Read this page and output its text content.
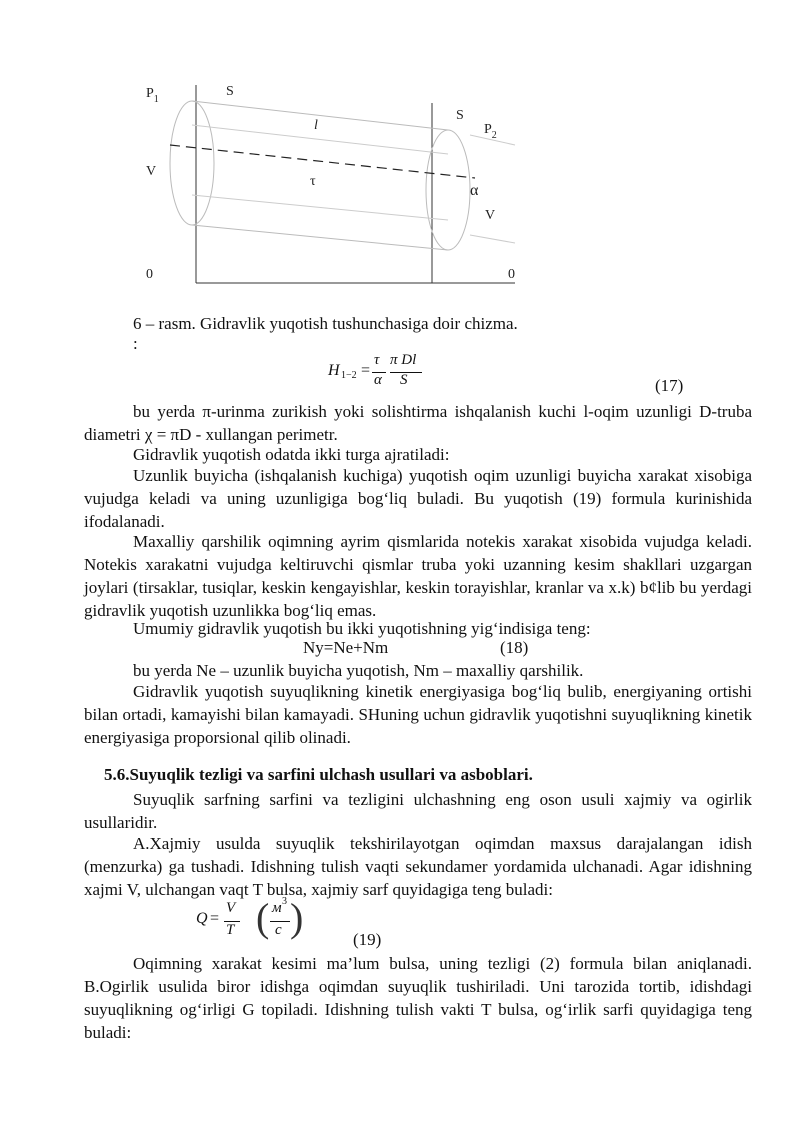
$P_1$
S
l
S
$P_2$
V
τ
α
V
0	0
6 – rasm. Gidravlik yuqotish tushunchasiga doir chizma.
:
H 1−2 =
τ
α
π Dl
S	(17)
bu yerda π-urinma zurikish yoki solishtirma ishqalanish kuchi l-oqim uzunligi D-truba diametri χ = πD - xullangan perimetr.
Gidravlik yuqotish odatda ikki turga ajratiladi:
Uzunlik buyicha (ishqalanish kuchiga) yuqotish oqim uzunligi buyicha xarakat xisobiga vujudga keladi va uning uzunligiga bog‘liq buladi. Bu yuqotish (19) formula kurinishida ifodalanadi.
Maxalliy qarshilik oqimning ayrim qismlarida notekis xarakat xisobida vujudga keladi. Notekis xarakatni vujudga keltiruvchi qismlar truba yoki uzanning kesim shakllari uzgargan joylari (tirsaklar, tusiqlar, keskin kengayishlar, keskin torayishlar, kranlar va x.k) b¢lib bu yerdagi gidravlik yuqotish uzunlikka bog‘liq emas.
Umumiy gidravlik yuqotish bu ikki yuqotishning yig‘indisiga teng:
Ny=Ne+Nm	(18)
bu yerda Ne – uzunlik buyicha yuqotish, Nm – maxalliy qarshilik.
Gidravlik yuqotish suyuqlikning kinetik energiyasiga bog‘liq bulib, energiyaning ortishi bilan ortadi, kamayishi bilan kamayadi. SHuning uchun gidravlik yuqotishni suyuqlikning kinetik energiyasiga proporsional qilib olinadi.
5.6.Suyuqlik tezligi va sarfini ulchash usullari va asboblari.
Suyuqlik sarfning sarfini va tezligini ulchashning eng oson usuli xajmiy va ogirlik usullaridir.
A.Xajmiy usulda suyuqlik tekshirilayotgan oqimdan maxsus darajalangan idish (menzurka) ga tushadi. Idishning tulish vaqti sekundamer yordamida ulchanadi. Agar idishning xajmi V, ulchangan vaqt T bulsa, xajmiy sarf quyidagiga teng buladi:
Q =
V
T ( м 3
с )	(19)
Oqimning xarakat kesimi ma’lum bulsa, uning tezligi (2) formula bilan aniqlanadi. B.Ogirlik usulida biror idishga oqimdan suyuqlik tushiriladi. Uni tarozida tortib, idishdagi suyuqlikning og‘irligi G topiladi. Idishning tulish vakti T bulsa, og‘irlik sarfi quyidagiga teng buladi:
